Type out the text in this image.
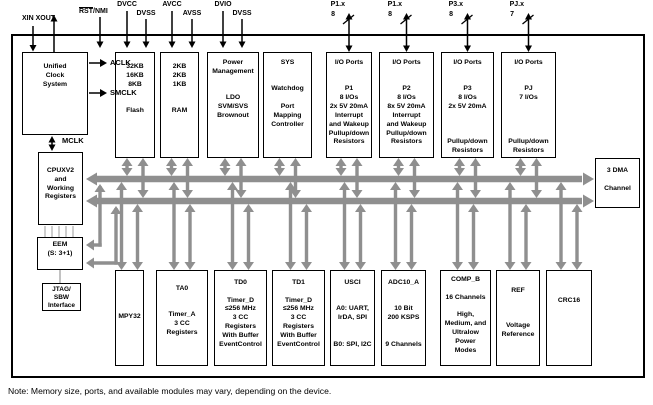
Unified
Clock
System
32KB
16KB
8KB

Flash
2KB
2KB
1KB

RAM
Power
Management

LDO
SVM/SVS
Brownout
SYS

Watchdog

Port
Mapping
Controller
I/O Ports

P1
8 I/Os
2x 5V 20mA
Interrupt
and Wakeup
Pullup/down
Resistors
I/O Ports

P2
8 I/Os
8x 5V 20mA
Interrupt
and Wakeup
Pullup/down
Resistors
I/O Ports

P3
8 I/Os
2x 5V 20mA

Pullup/down
Resistors
I/O Ports

PJ
7 I/Os

Pullup/down
Resistors
3 DMA

Channel
CPUXV2
and
Working
Registers
EEM
(S: 3+1)
JTAG/
SBW
Interface
MPY32
TA0

Timer_A
3 CC
Registers
TD0

Timer_D
≤256 MHz
3 CC
Registers
With Buffer
EventControl
TD1

Timer_D
≤256 MHz
3 CC
Registers
With Buffer
EventControl
USCI

A0: UART,
IrDA, SPI

B0: SPI, I2C
ADC10_A

10 Bit
200 KSPS

9 Channels
COMP_B

16 Channels

High,
Medium, and
Ultralow
Power
Modes
REF

Voltage
Reference
CRC16
XIN XOUT
$\overline{RST}$/NMI
DVCC
DVSS
AVCC
AVSS
DVIO
DVSS
P1.x
8
P1.x
8
P3.x
8
PJ.x
7
ACLK
SMCLK
MCLK
Note: Memory size, ports, and available modules may vary, depending on the device.
